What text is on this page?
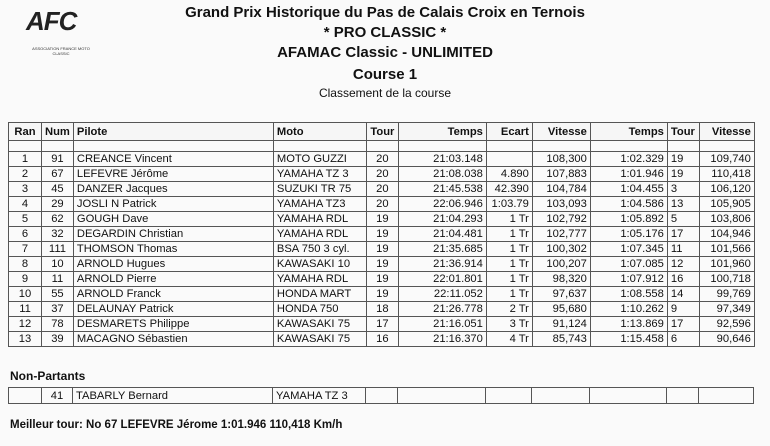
AFC
ASSOCIATION FRANCE MOTO CLASSIC
Grand Prix Historique du Pas de Calais Croix en Ternois
* PRO CLASSIC *
AFAMAC Classic - UNLIMITED
Course 1
Classement de la course
Ran	Num	Pilote	Moto	Tour	Temps	Ecart	Vitesse	Temps	Tour	Vitesse

1	91	CREANCE Vincent	MOTO GUZZI	20	21:03.148		108,300	1:02.329	19	109,740
2	67	LEFEVRE Jérôme	YAMAHA TZ 3	20	21:08.038	4.890	107,883	1:01.946	19	110,418
3	45	DANZER Jacques	SUZUKI TR 75	20	21:45.538	42.390	104,784	1:04.455	3	106,120
4	29	JOSLI N Patrick	YAMAHA TZ3	20	22:06.946	1:03.79	103,093	1:04.586	13	105,905
5	62	GOUGH Dave	YAMAHA RDL	19	21:04.293	1 Tr	102,792	1:05.892	5	103,806
6	32	DEGARDIN Christian	YAMAHA RDL	19	21:04.481	1 Tr	102,777	1:05.176	17	104,946
7	111	THOMSON Thomas	BSA 750 3 cyl.	19	21:35.685	1 Tr	100,302	1:07.345	11	101,566
8	10	ARNOLD Hugues	KAWASAKI 10	19	21:36.914	1 Tr	100,207	1:07.085	12	101,960
9	11	ARNOLD Pierre	YAMAHA RDL	19	22:01.801	1 Tr	98,320	1:07.912	16	100,718
10	55	ARNOLD Franck	HONDA MART	19	22:11.052	1 Tr	97,637	1:08.558	14	99,769
11	37	DELAUNAY Patrick	HONDA 750	18	21:26.778	2 Tr	95,680	1:10.262	9	97,349
12	78	DESMARETS Philippe	KAWASAKI 75	17	21:16.051	3 Tr	91,124	1:13.869	17	92,596
13	39	MACAGNO Sébastien	KAWASAKI 75	16	21:16.370	4 Tr	85,743	1:15.458	6	90,646
Non-Partants
	41	TABARLY Bernard	YAMAHA TZ 3							
Meilleur tour: No 67 LEFEVRE Jérome 1:01.946 110,418 Km/h
